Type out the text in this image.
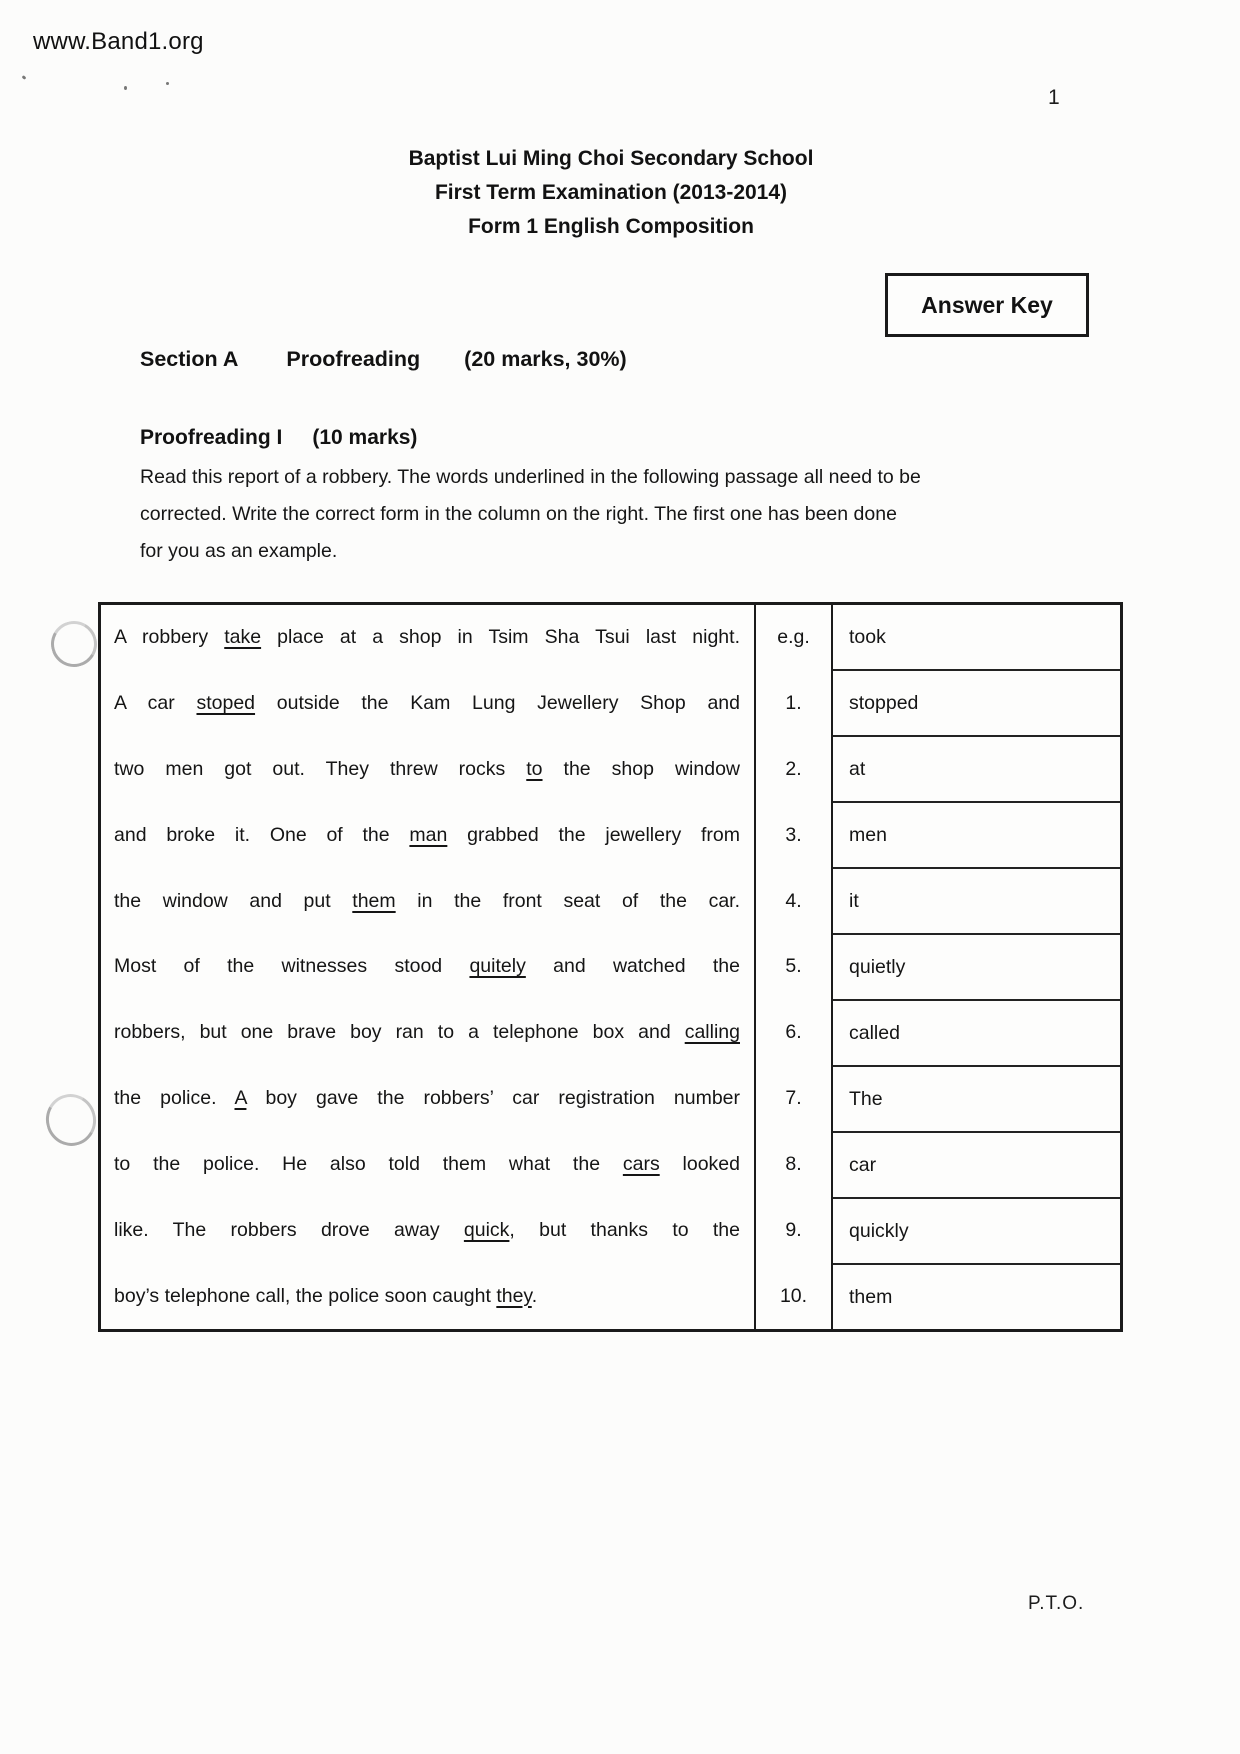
www.Band1.org
1
Baptist Lui Ming Choi Secondary School
First Term Examination (2013-2014)
Form 1 English Composition
Answer Key
Section A Proofreading (20 marks, 30%)
Proofreading I (10 marks)
Read this report of a robbery. The words underlined in the following passage all need to be
corrected. Write the correct form in the column on the right. The first one has been done
for you as an example.
A robbery take place at a shop in Tsim Sha Tsui last night.
A car stoped outside the Kam Lung Jewellery Shop and
two men got out. They threw rocks to the shop window
and broke it. One of the man grabbed the jewellery from
the window and put them in the front seat of the car.
Most of the witnesses stood quitely and watched the
robbers, but one brave boy ran to a telephone box and calling
the police. A boy gave the robbers’ car registration number
to the police. He also told them what the cars looked
like. The robbers drove away quick, but thanks to the
boy’s telephone call, the police soon caught they.
e.g.
1.
2.
3.
4.
5.
6.
7.
8.
9.
10.
took
stopped
at
men
it
quietly
called
The
car
quickly
them
P.T.O.
